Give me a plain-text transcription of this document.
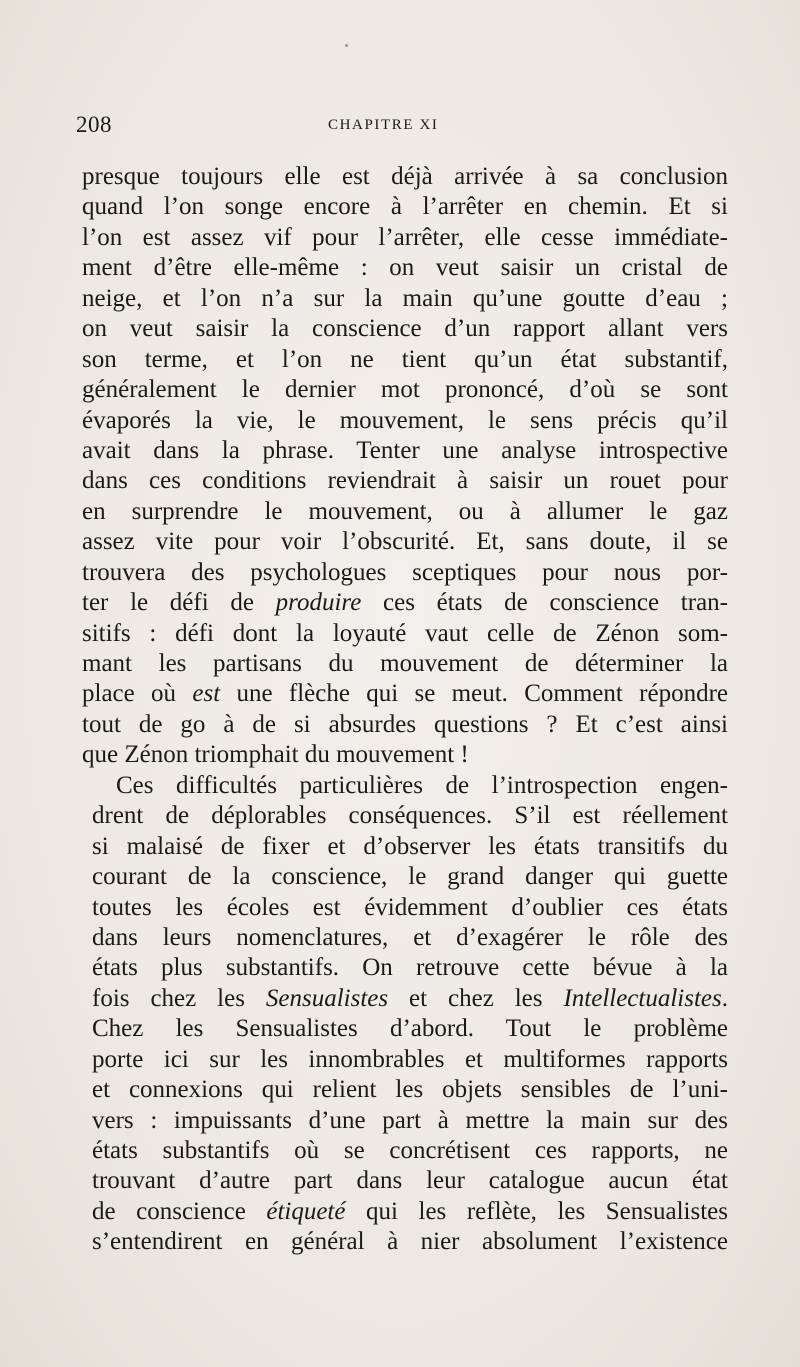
208	CHAPITRE XI
presque toujours elle est déjà arrivée à sa conclusion
quand l’on songe encore à l’arrêter en chemin. Et si
l’on est assez vif pour l’arrêter, elle cesse immédiate-
ment d’être elle-même : on veut saisir un cristal de
neige, et l’on n’a sur la main qu’une goutte d’eau ;
on veut saisir la conscience d’un rapport allant vers
son terme, et l’on ne tient qu’un état substantif,
généralement le dernier mot prononcé, d’où se sont
évaporés la vie, le mouvement, le sens précis qu’il
avait dans la phrase. Tenter une analyse introspective
dans ces conditions reviendrait à saisir un rouet pour
en surprendre le mouvement, ou à allumer le gaz
assez vite pour voir l’obscurité. Et, sans doute, il se
trouvera des psychologues sceptiques pour nous por-
ter le défi de produire ces états de conscience tran-
sitifs : défi dont la loyauté vaut celle de Zénon som-
mant les partisans du mouvement de déterminer la
place où est une flèche qui se meut. Comment répondre
tout de go à de si absurdes questions ? Et c’est ainsi
que Zénon triomphait du mouvement !
Ces difficultés particulières de l’introspection engen-
drent de déplorables conséquences. S’il est réellement
si malaisé de fixer et d’observer les états transitifs du
courant de la conscience, le grand danger qui guette
toutes les écoles est évidemment d’oublier ces états
dans leurs nomenclatures, et d’exagérer le rôle des
états plus substantifs. On retrouve cette bévue à la
fois chez les Sensualistes et chez les Intellectualistes.
Chez les Sensualistes d’abord. Tout le problème
porte ici sur les innombrables et multiformes rapports
et connexions qui relient les objets sensibles de l’uni-
vers : impuissants d’une part à mettre la main sur des
états substantifs où se concrétisent ces rapports, ne
trouvant d’autre part dans leur catalogue aucun état
de conscience étiqueté qui les reflète, les Sensualistes
s’entendirent en général à nier absolument l’existence
